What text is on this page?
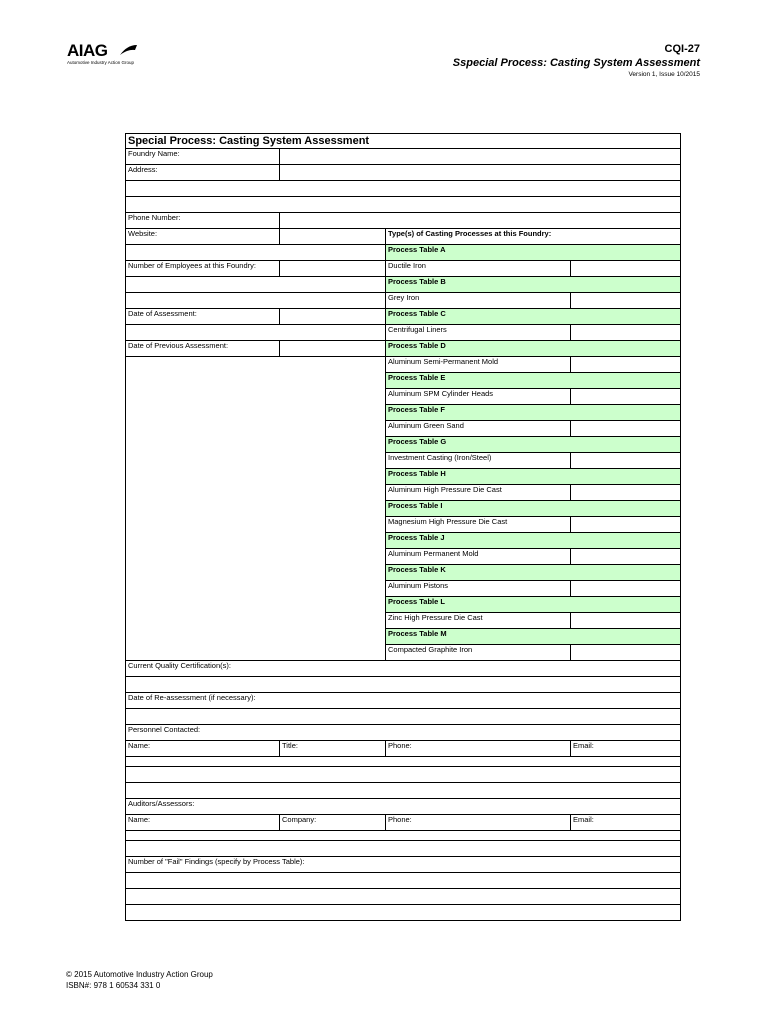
AIAG
Automotive Industry Action Group
CQI-27
Sspecial Process: Casting System Assessment
Version 1, Issue 10/2015
Special Process: Casting System Assessment			
Foundry Name:			
Address:			

Phone Number:			
Website:		Type(s) of Casting Processes at this Foundry:	
		Process Table A	
Number of Employees at this Foundry:		Ductile Iron	
		Process Table B	
		Grey Iron	
Date of Assessment:		Process Table C	
		Centrifugal Liners	
Date of Previous Assessment:		Process Table D	
		Aluminum Semi-Permanent Mold	
		Process Table E	
		Aluminum SPM Cylinder Heads	
		Process Table F	
		Aluminum Green Sand	
		Process Table G	
		Investment Casting (Iron/Steel)	
		Process Table H	
		Aluminum High Pressure Die Cast	
		Process Table I	
		Magnesium High Pressure Die Cast	
		Process Table J	
		Aluminum Permanent Mold	
		Process Table K	
		Aluminum Pistons	
		Process Table L	
		Zinc High Pressure Die Cast	
		Process Table M	
		Compacted Graphite Iron	
Current Quality Certification(s):			

Date of Re-assessment (if necessary):			

Personnel Contacted:			
Name:	Title:	Phone:	Email:

Auditors/Assessors:			
Name:	Company:	Phone:	Email:

Number of "Fail" Findings (specify by Process Table):			

© 2015 Automotive Industry Action Group
ISBN#: 978 1 60534 331 0
